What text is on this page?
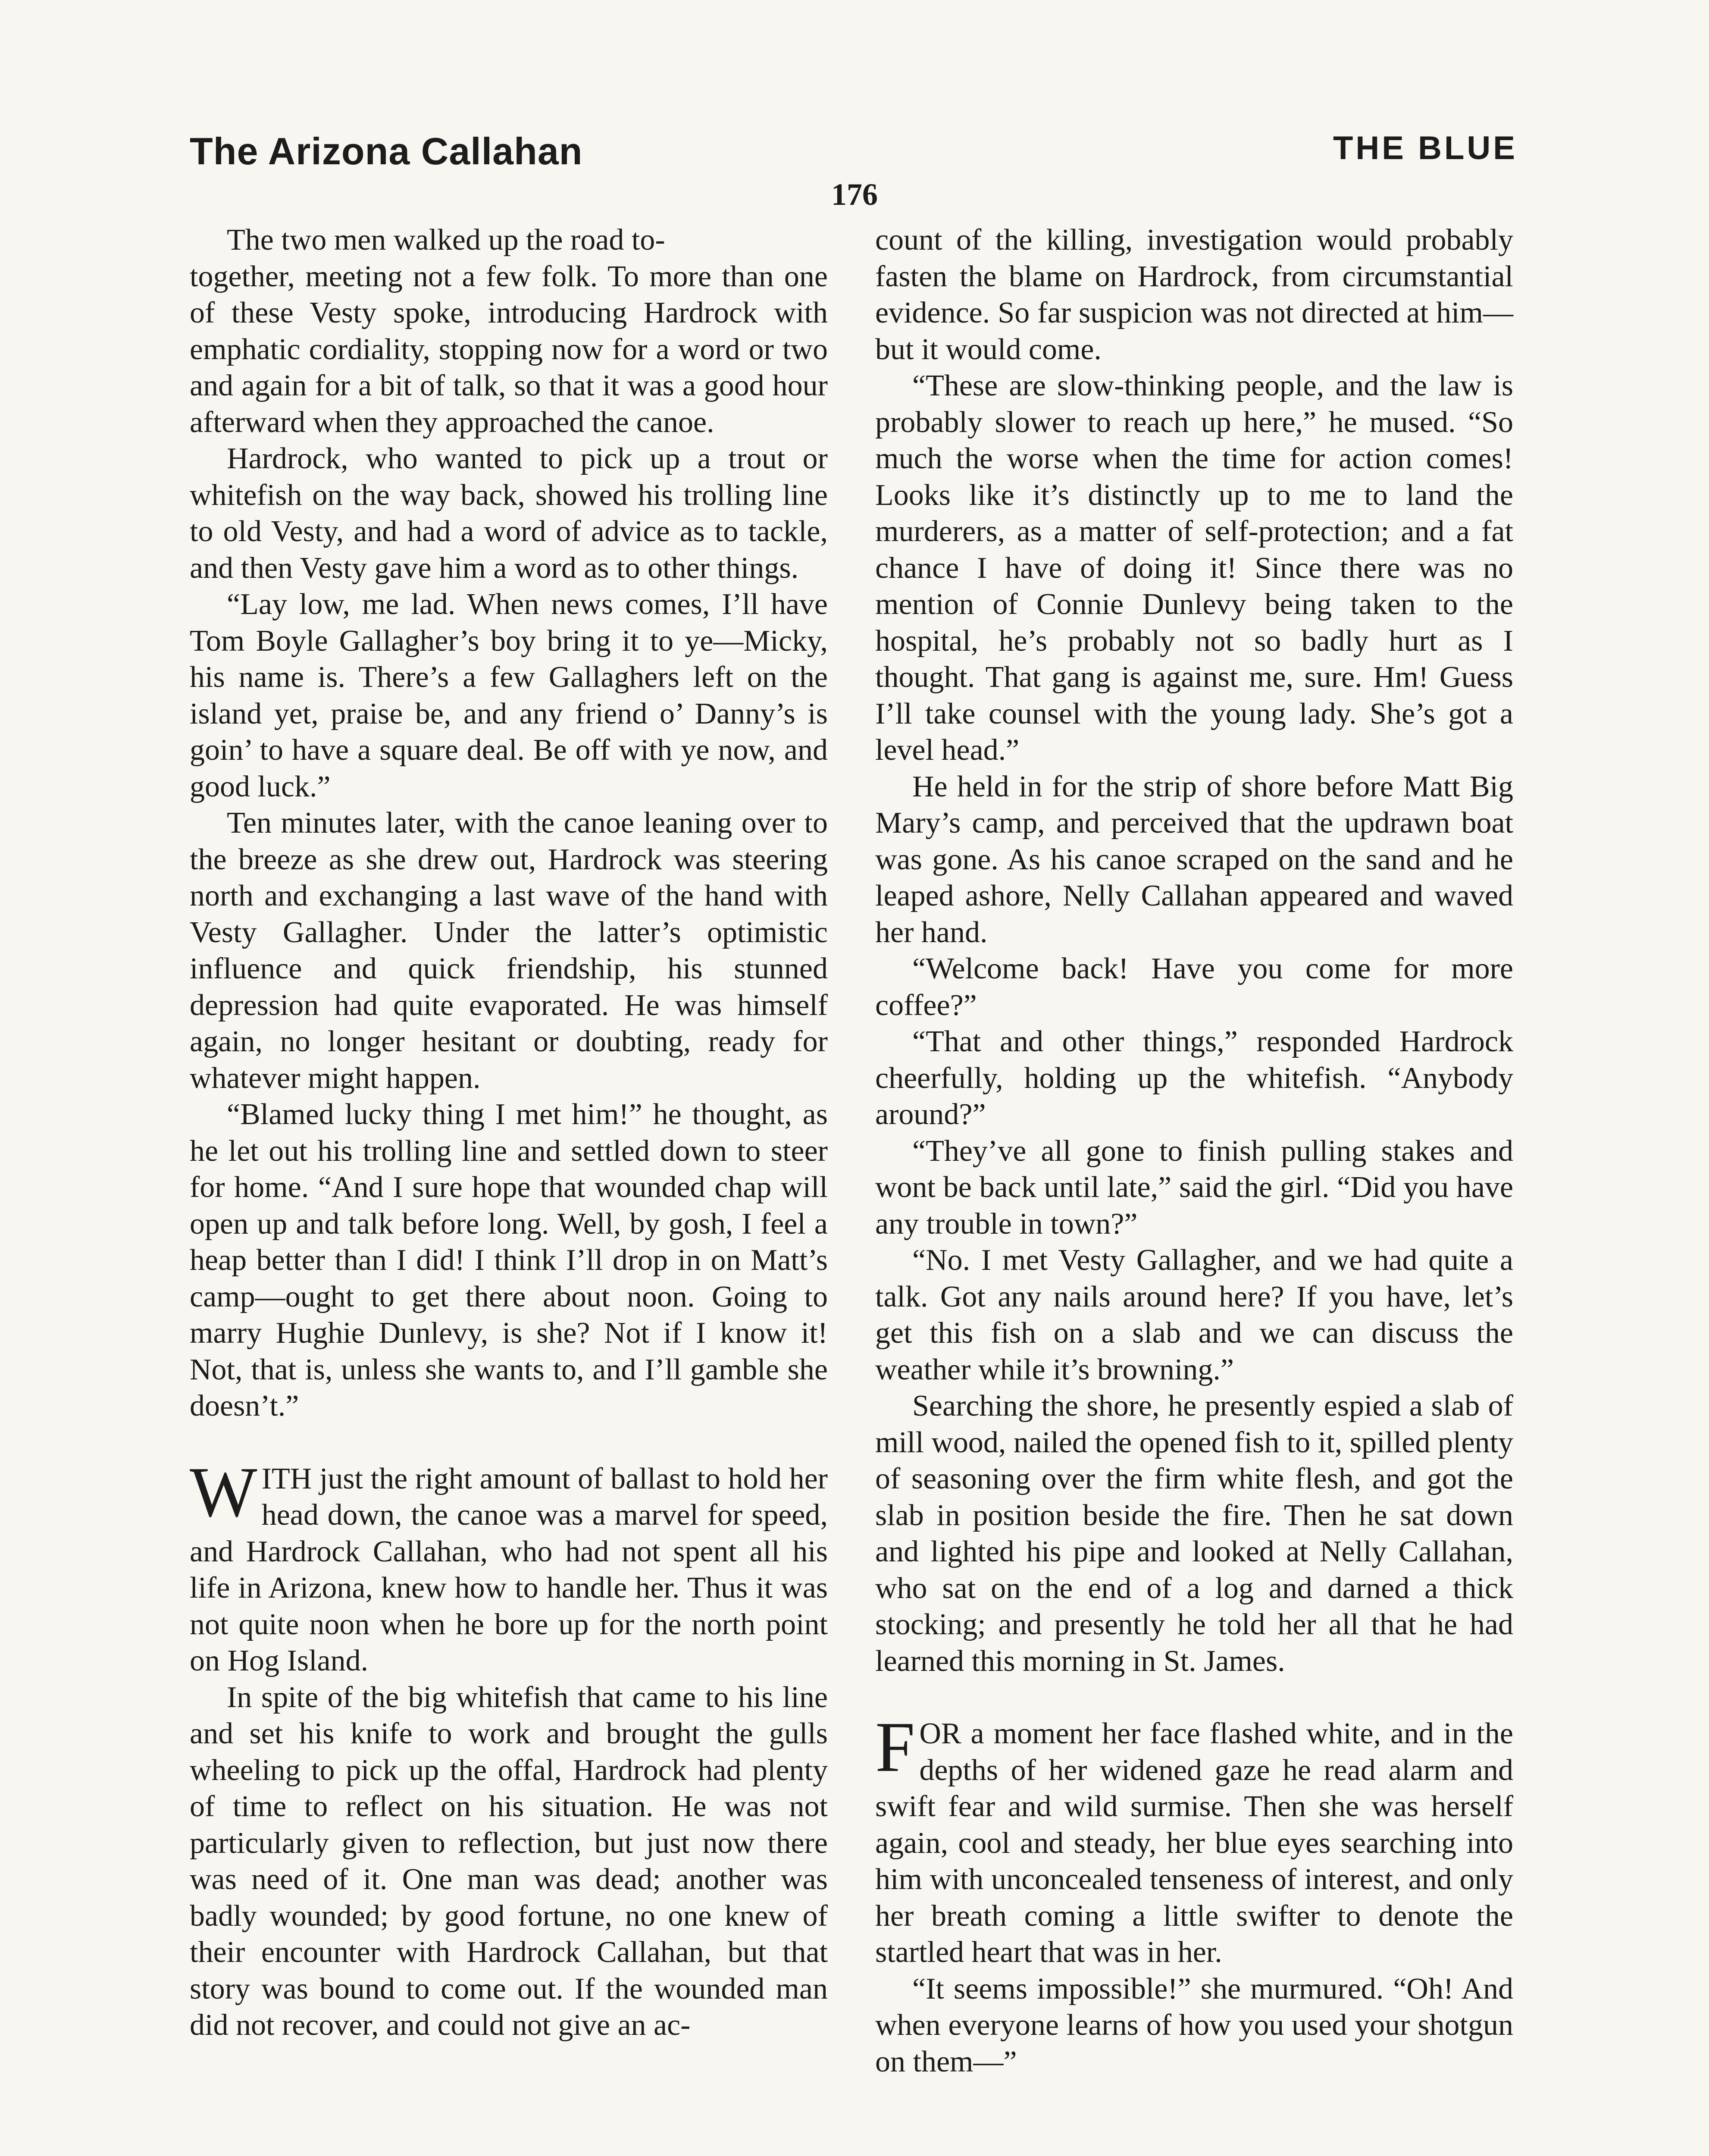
The Arizona Callahan	THE BLUE
176

The two men walked up the road to-

together, meeting not a few folk. To more than one of these Vesty spoke, introducing Hardrock with emphatic cordiality, stopping now for a word or two and again for a bit of talk, so that it was a good hour afterward when they approached the canoe.

Hardrock, who wanted to pick up a trout or whitefish on the way back, showed his trolling line to old Vesty, and had a word of advice as to tackle, and then Vesty gave him a word as to other things.

“Lay low, me lad. When news comes, I’ll have Tom Boyle Gallagher’s boy bring it to ye—Micky, his name is. There’s a few Gallaghers left on the island yet, praise be, and any friend o’ Danny’s is goin’ to have a square deal. Be off with ye now, and good luck.”

Ten minutes later, with the canoe leaning over to the breeze as she drew out, Hardrock was steering north and exchanging a last wave of the hand with Vesty Gallagher. Under the latter’s optimistic influence and quick friendship, his stunned depression had quite evaporated. He was himself again, no longer hesitant or doubting, ready for whatever might happen.

“Blamed lucky thing I met him!” he thought, as he let out his trolling line and settled down to steer for home. “And I sure hope that wounded chap will open up and talk before long. Well, by gosh, I feel a heap better than I did! I think I’ll drop in on Matt’s camp—ought to get there about noon. Going to marry Hughie Dunlevy, is she? Not if I know it! Not, that is, unless she wants to, and I’ll gamble she doesn’t.”

WITH just the right amount of ballast to hold her head down, the canoe was a marvel for speed, and Hardrock Callahan, who had not spent all his life in Arizona, knew how to handle her. Thus it was not quite noon when he bore up for the north point on Hog Island.

In spite of the big whitefish that came to his line and set his knife to work and brought the gulls wheeling to pick up the offal, Hardrock had plenty of time to reflect on his situation. He was not particularly given to reflection, but just now there was need of it. One man was dead; another was badly wounded; by good fortune, no one knew of their encounter with Hardrock Callahan, but that story was bound to come out. If the wounded man did not recover, and could not give an ac-

count of the killing, investigation would probably fasten the blame on Hardrock, from circumstantial evidence. So far suspicion was not directed at him—but it would come.

“These are slow-thinking people, and the law is probably slower to reach up here,” he mused. “So much the worse when the time for action comes! Looks like it’s distinctly up to me to land the murderers, as a matter of self-protection; and a fat chance I have of doing it! Since there was no mention of Connie Dunlevy being taken to the hospital, he’s probably not so badly hurt as I thought. That gang is against me, sure. Hm! Guess I’ll take counsel with the young lady. She’s got a level head.”

He held in for the strip of shore before Matt Big Mary’s camp, and perceived that the updrawn boat was gone. As his canoe scraped on the sand and he leaped ashore, Nelly Callahan appeared and waved her hand.

“Welcome back! Have you come for more coffee?”

“That and other things,” responded Hardrock cheerfully, holding up the whitefish. “Anybody around?”

“They’ve all gone to finish pulling stakes and wont be back until late,” said the girl. “Did you have any trouble in town?”

“No. I met Vesty Gallagher, and we had quite a talk. Got any nails around here? If you have, let’s get this fish on a slab and we can discuss the weather while it’s browning.”

Searching the shore, he presently espied a slab of mill wood, nailed the opened fish to it, spilled plenty of seasoning over the firm white flesh, and got the slab in position beside the fire. Then he sat down and lighted his pipe and looked at Nelly Callahan, who sat on the end of a log and darned a thick stocking; and presently he told her all that he had learned this morning in St. James.

FOR a moment her face flashed white, and in the depths of her widened gaze he read alarm and swift fear and wild surmise. Then she was herself again, cool and steady, her blue eyes searching into him with unconcealed tenseness of interest, and only her breath coming a little swifter to denote the startled heart that was in her.

“It seems impossible!” she murmured. “Oh! And when everyone learns of how you used your shotgun on them—”
